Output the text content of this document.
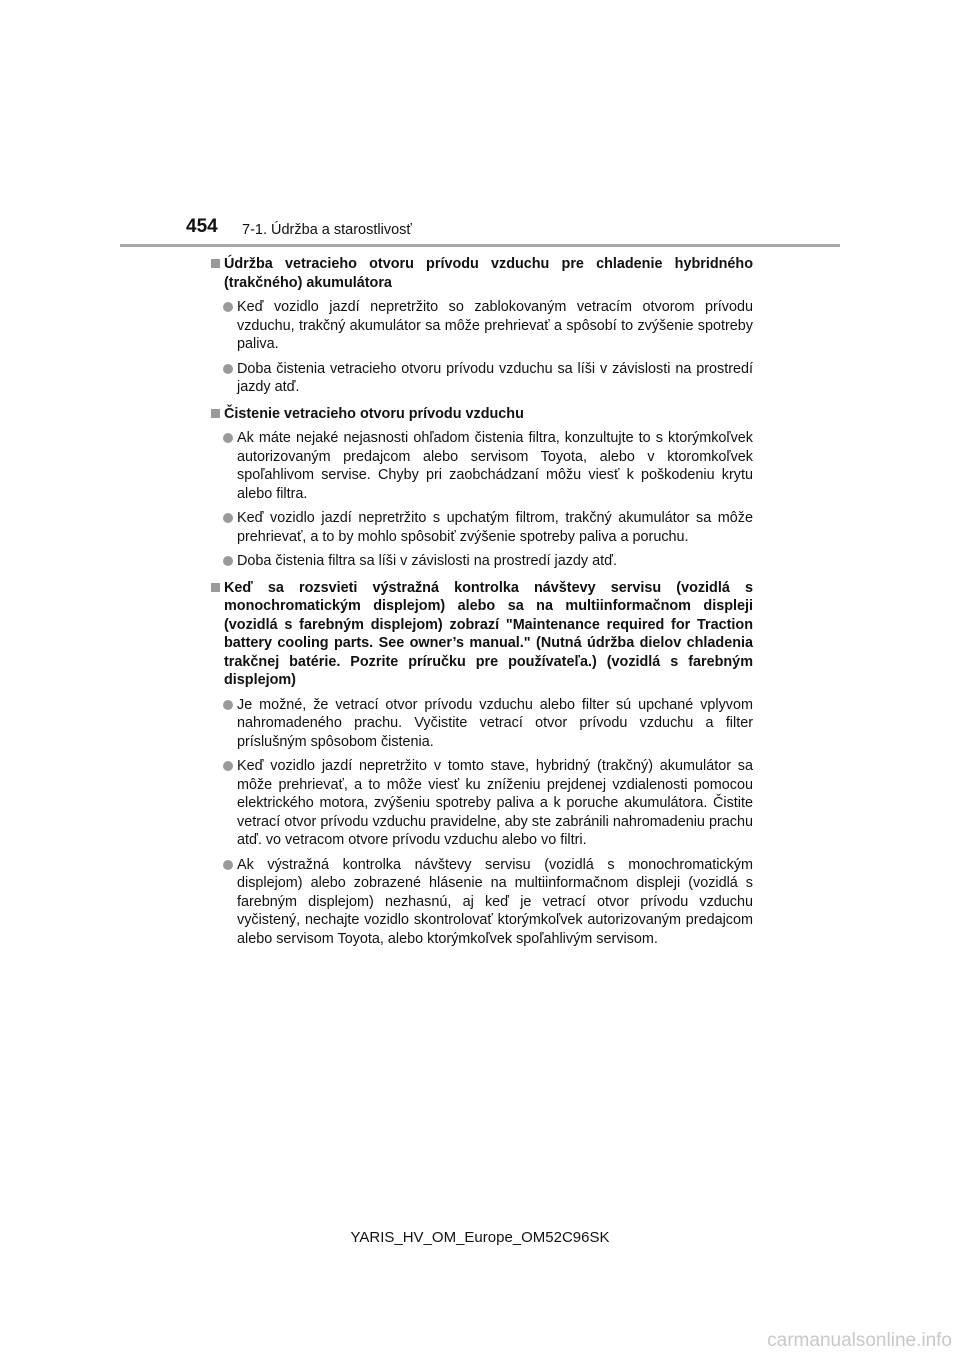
454 7-1. Údržba a starostlivosť
Údržba vetracieho otvoru prívodu vzduchu pre chladenie hybridného (trakčného) akumulátora
Keď vozidlo jazdí nepretržito so zablokovaným vetracím otvorom prívodu vzduchu, trakčný akumulátor sa môže prehrievať a spôsobí to zvýšenie spotreby paliva.
Doba čistenia vetracieho otvoru prívodu vzduchu sa líši v závislosti na prostredí jazdy atď.
Čistenie vetracieho otvoru prívodu vzduchu
Ak máte nejaké nejasnosti ohľadom čistenia filtra, konzultujte to s ktorýmkoľvek autorizovaným predajcom alebo servisom Toyota, alebo v ktoromkoľvek spoľahlivom servise. Chyby pri zaobchádzaní môžu viesť k poškodeniu krytu alebo filtra.
Keď vozidlo jazdí nepretržito s upchatým filtrom, trakčný akumulátor sa môže prehrievať, a to by mohlo spôsobiť zvýšenie spotreby paliva a poruchu.
Doba čistenia filtra sa líši v závislosti na prostredí jazdy atď.
Keď sa rozsvieti výstražná kontrolka návštevy servisu (vozidlá s monochromatickým displejom) alebo sa na multiinformačnom displeji (vozidlá s farebným displejom) zobrazí "Maintenance required for Traction battery cooling parts. See owner’s manual." (Nutná údržba dielov chladenia trakčnej batérie. Pozrite príručku pre používateľa.) (vozidlá s farebným displejom)
Je možné, že vetrací otvor prívodu vzduchu alebo filter sú upchané vplyvom nahromadeného prachu. Vyčistite vetrací otvor prívodu vzduchu a filter príslušným spôsobom čistenia.
Keď vozidlo jazdí nepretržito v tomto stave, hybridný (trakčný) akumulátor sa môže prehrievať, a to môže viesť ku zníženiu prejdenej vzdialenosti pomocou elektrického motora, zvýšeniu spotreby paliva a k poruche akumulátora. Čistite vetrací otvor prívodu vzduchu pravidelne, aby ste zabránili nahromadeniu prachu atď. vo vetracom otvore prívodu vzduchu alebo vo filtri.
Ak výstražná kontrolka návštevy servisu (vozidlá s monochromatickým displejom) alebo zobrazené hlásenie na multiinformačnom displeji (vozidlá s farebným displejom) nezhasnú, aj keď je vetrací otvor prívodu vzduchu vyčistený, nechajte vozidlo skontrolovať ktorýmkoľvek autorizovaným predajcom alebo servisom Toyota, alebo ktorýmkoľvek spoľahlivým servisom.
YARIS_HV_OM_Europe_OM52C96SK
carmanualsonline.info
